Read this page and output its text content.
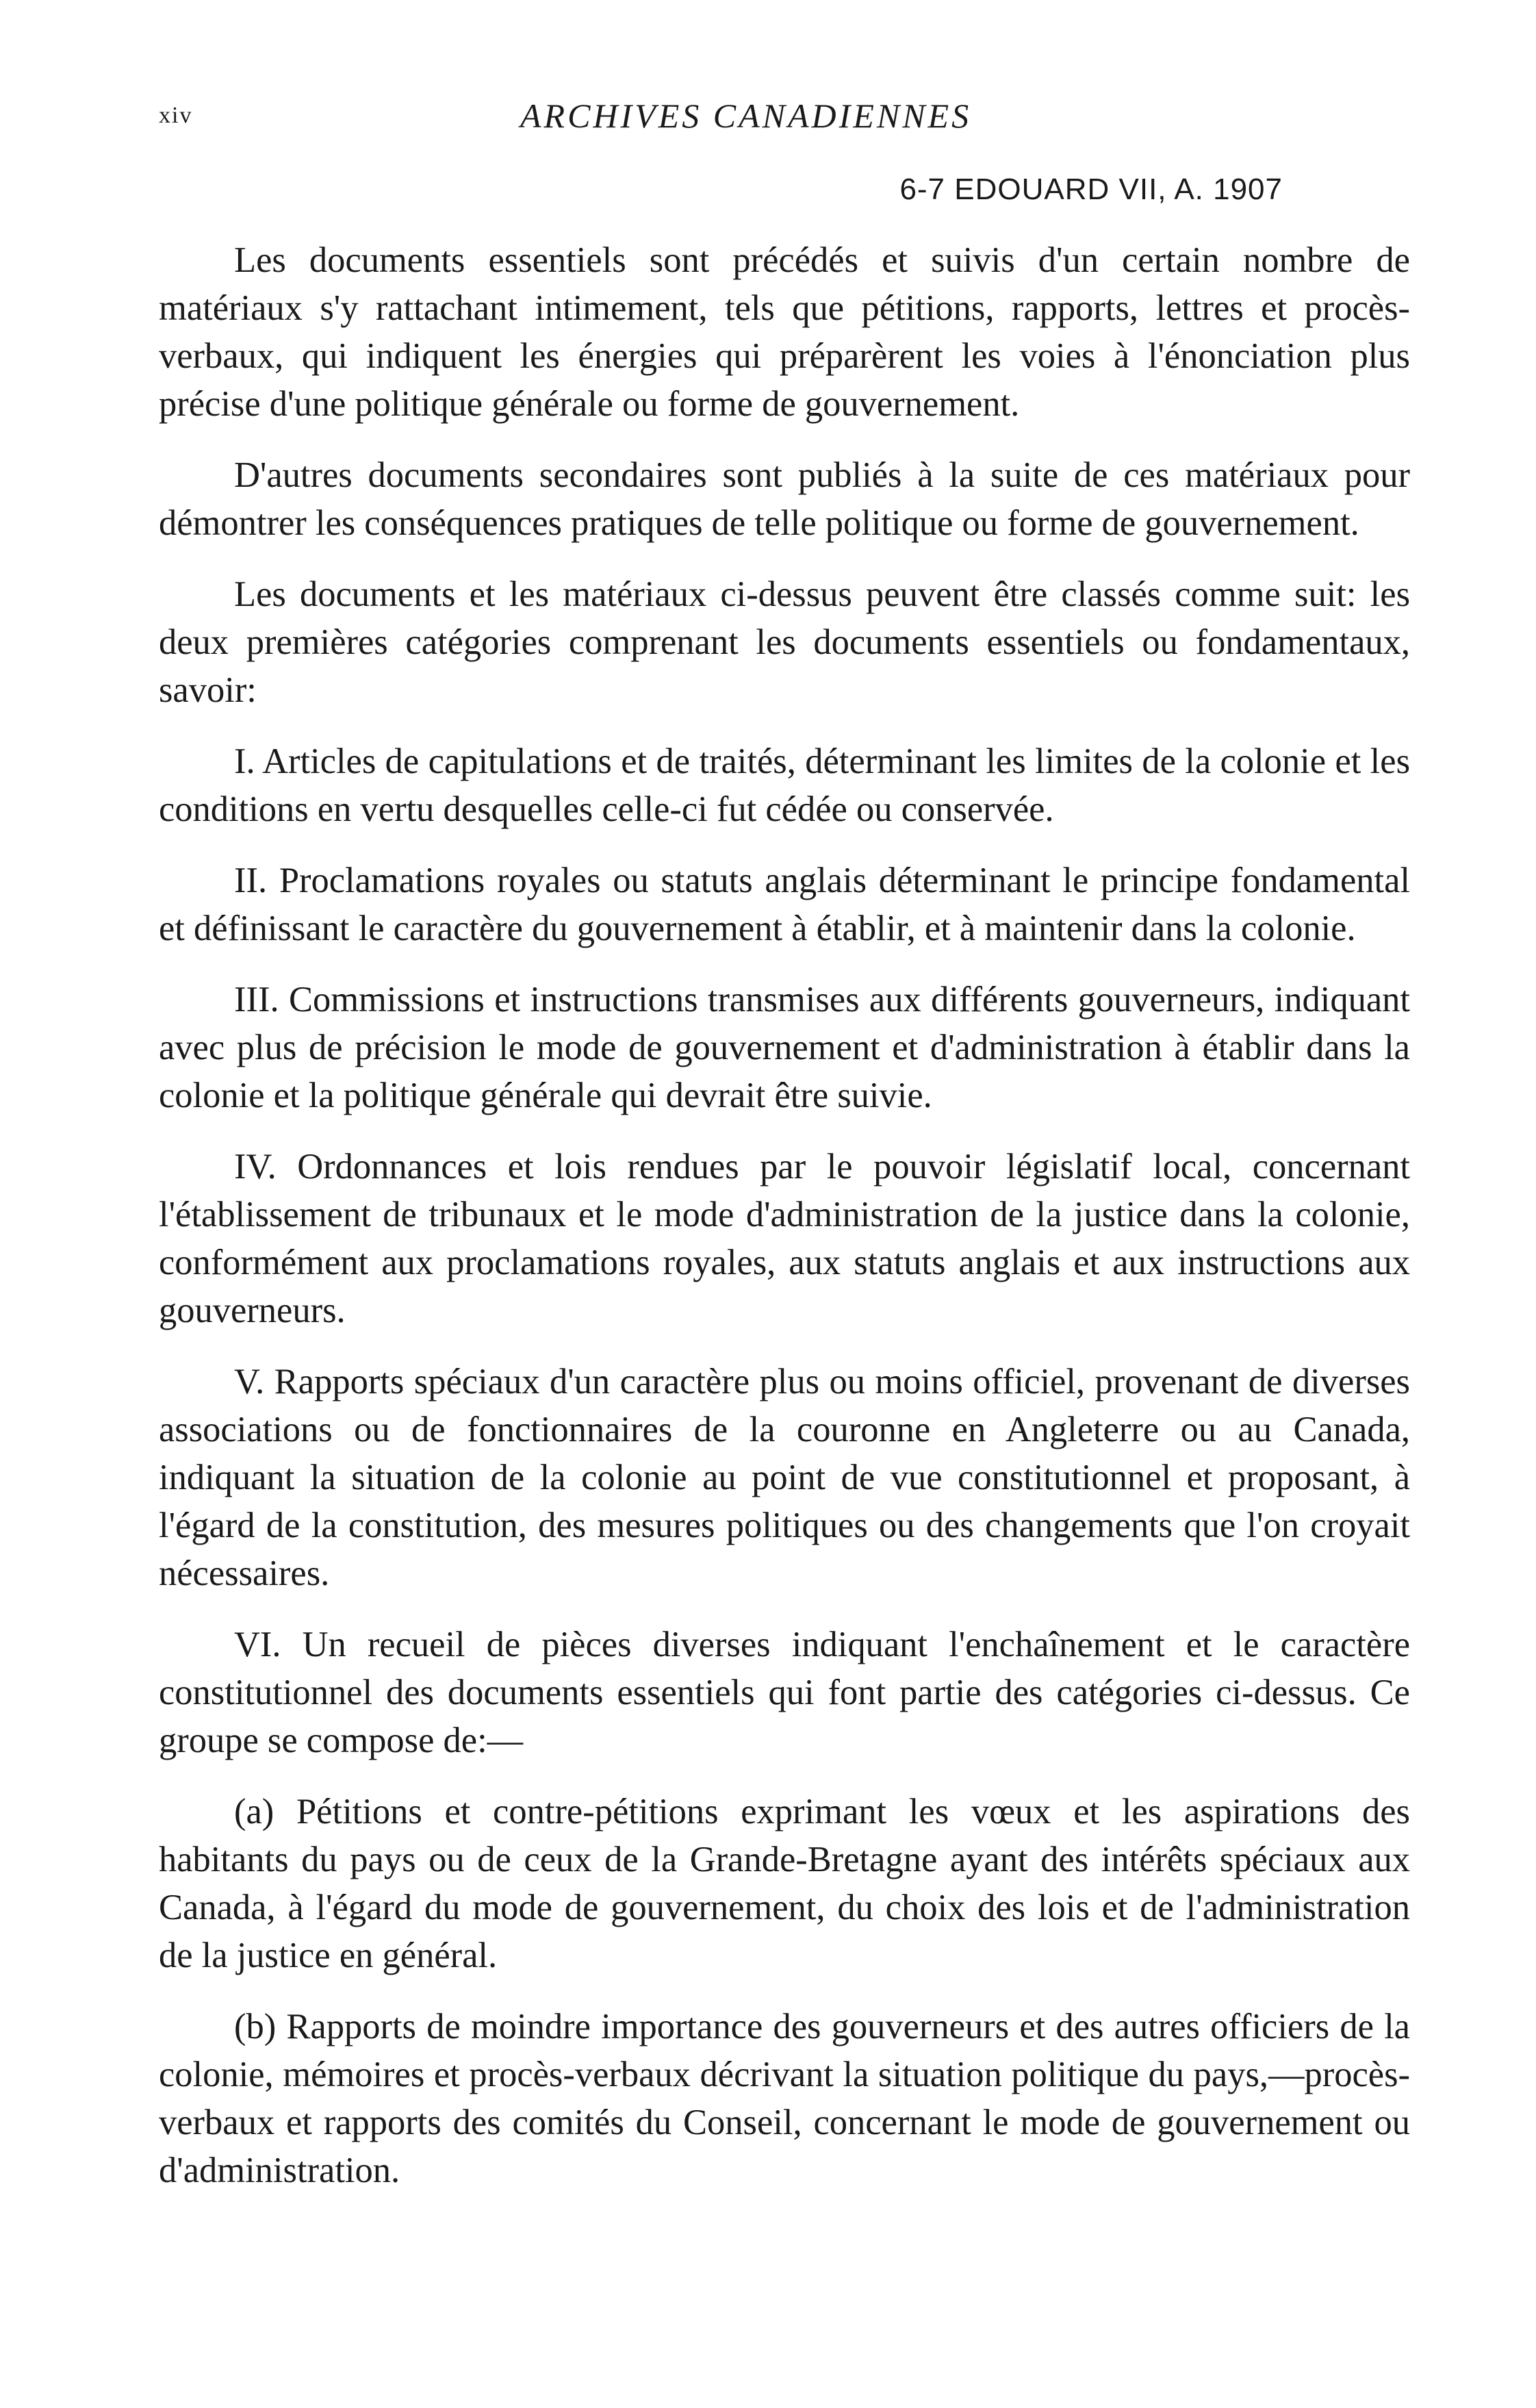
xiv	ARCHIVES CANADIENNES
6-7 EDOUARD VII, A. 1907

Les documents essentiels sont précédés et suivis d'un certain nombre de matériaux s'y rattachant intimement, tels que pétitions, rapports, lettres et procès-verbaux, qui indiquent les énergies qui préparèrent les voies à l'énonciation plus précise d'une politique générale ou forme de gouvernement.

D'autres documents secondaires sont publiés à la suite de ces matériaux pour démontrer les conséquences pratiques de telle politique ou forme de gouvernement.

Les documents et les matériaux ci-dessus peuvent être classés comme suit: les deux premières catégories comprenant les documents essentiels ou fondamentaux, savoir:

I. Articles de capitulations et de traités, déterminant les limites de la colonie et les conditions en vertu desquelles celle-ci fut cédée ou conservée.

II. Proclamations royales ou statuts anglais déterminant le principe fondamental et définissant le caractère du gouvernement à établir, et à maintenir dans la colonie.

III. Commissions et instructions transmises aux différents gouverneurs, indiquant avec plus de précision le mode de gouvernement et d'administration à établir dans la colonie et la politique générale qui devrait être suivie.

IV. Ordonnances et lois rendues par le pouvoir législatif local, concernant l'établissement de tribunaux et le mode d'administration de la justice dans la colonie, conformément aux proclamations royales, aux statuts anglais et aux instructions aux gouverneurs.

V. Rapports spéciaux d'un caractère plus ou moins officiel, provenant de diverses associations ou de fonctionnaires de la couronne en Angleterre ou au Canada, indiquant la situation de la colonie au point de vue constitutionnel et proposant, à l'égard de la constitution, des mesures politiques ou des changements que l'on croyait nécessaires.

VI. Un recueil de pièces diverses indiquant l'enchaînement et le caractère constitutionnel des documents essentiels qui font partie des catégories ci-dessus. Ce groupe se compose de:—

(a) Pétitions et contre-pétitions exprimant les vœux et les aspirations des habitants du pays ou de ceux de la Grande-Bretagne ayant des intérêts spéciaux aux Canada, à l'égard du mode de gouvernement, du choix des lois et de l'administration de la justice en général.

(b) Rapports de moindre importance des gouverneurs et des autres officiers de la colonie, mémoires et procès-verbaux décrivant la situation politique du pays,—procès-verbaux et rapports des comités du Conseil, concernant le mode de gouvernement ou d'administration.
